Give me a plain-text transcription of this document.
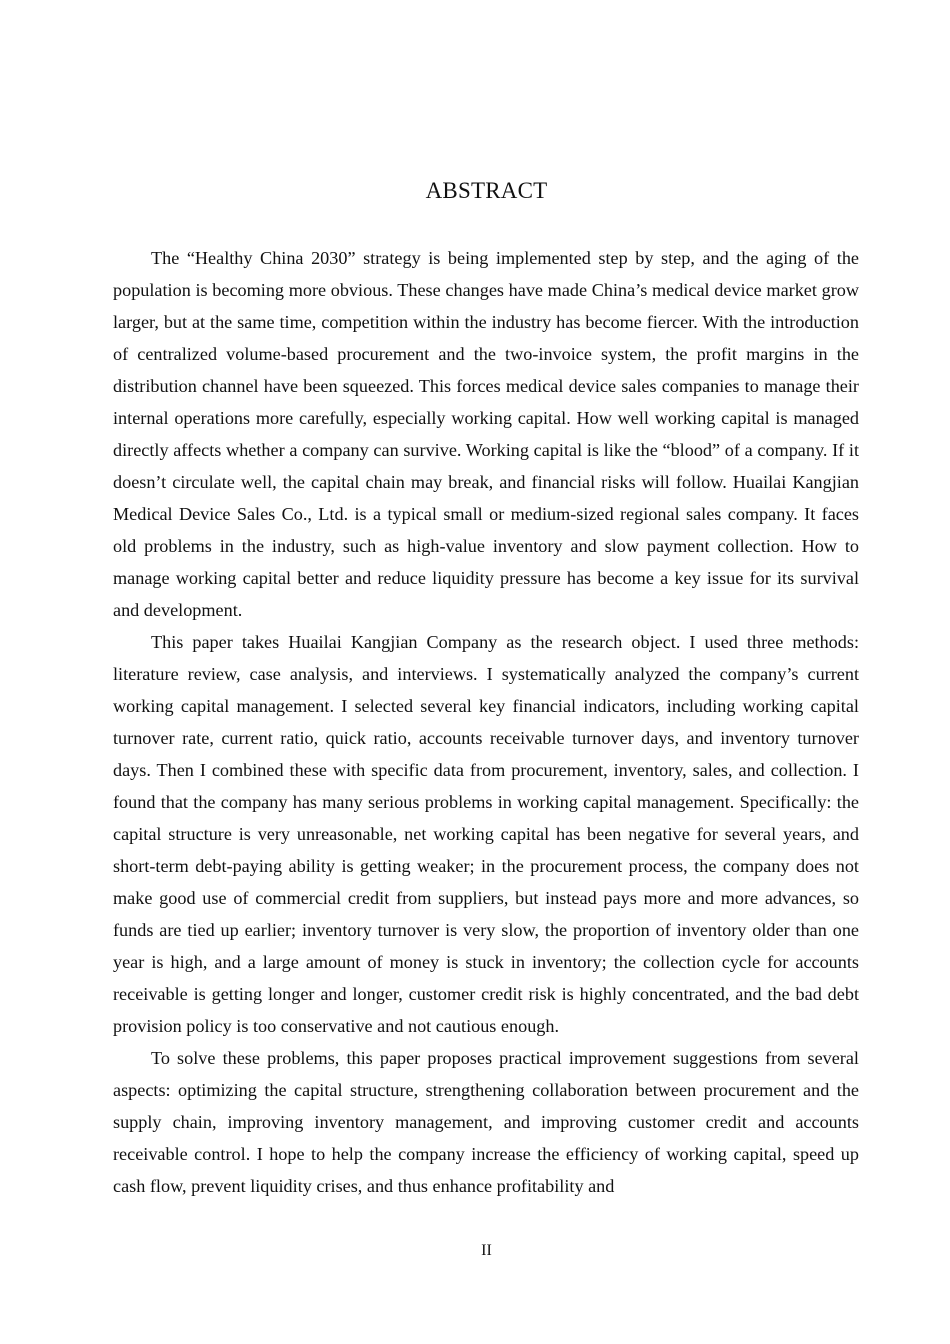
ABSTRACT

The “Healthy China 2030” strategy is being implemented step by step, and the aging of the population is becoming more obvious. These changes have made China’s medical device market grow larger, but at the same time, competition within the industry has become fiercer. With the introduction of centralized volume-based procurement and the two-invoice system, the profit margins in the distribution channel have been squeezed. This forces medical device sales companies to manage their internal operations more carefully, especially working capital. How well working capital is managed directly affects whether a company can survive. Working capital is like the “blood” of a company. If it doesn’t circulate well, the capital chain may break, and financial risks will follow. Huailai Kangjian Medical Device Sales Co., Ltd. is a typical small or medium-sized regional sales company. It faces old problems in the industry, such as high-value inventory and slow payment collection. How to manage working capital better and reduce liquidity pressure has become a key issue for its survival and development.

This paper takes Huailai Kangjian Company as the research object. I used three methods: literature review, case analysis, and interviews. I systematically analyzed the company’s current working capital management. I selected several key financial indicators, including working capital turnover rate, current ratio, quick ratio, accounts receivable turnover days, and inventory turnover days. Then I combined these with specific data from procurement, inventory, sales, and collection. I found that the company has many serious problems in working capital management. Specifically: the capital structure is very unreasonable, net working capital has been negative for several years, and short-term debt-paying ability is getting weaker; in the procurement process, the company does not make good use of commercial credit from suppliers, but instead pays more and more advances, so funds are tied up earlier; inventory turnover is very slow, the proportion of inventory older than one year is high, and a large amount of money is stuck in inventory; the collection cycle for accounts receivable is getting longer and longer, customer credit risk is highly concentrated, and the bad debt provision policy is too conservative and not cautious enough.

To solve these problems, this paper proposes practical improvement suggestions from several aspects: optimizing the capital structure, strengthening collaboration between procurement and the supply chain, improving inventory management, and improving customer credit and accounts receivable control. I hope to help the company increase the efficiency of working capital, speed up cash flow, prevent liquidity crises, and thus enhance profitability and

II
